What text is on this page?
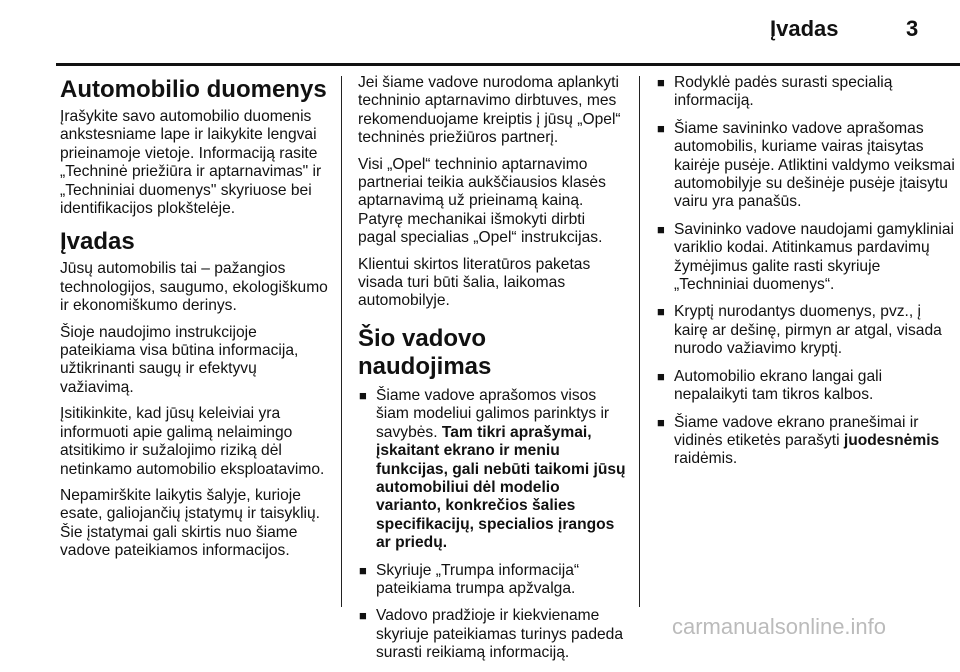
Įvadas	3
Automobilio duomenys

Įrašykite savo automobilio duomenis ankstesniame lape ir laikykite lengvai prieinamoje vietoje. Informaciją rasite „Techninė priežiūra ir aptarnavimas" ir „Techniniai duomenys" skyriuose bei identifikacijos plokštelėje.

Įvadas

Jūsų automobilis tai – pažangios technologijos, saugumo, ekologiškumo ir ekonomiškumo derinys.

Šioje naudojimo instrukcijoje pateikiama visa būtina informacija, užtikrinanti saugų ir efektyvų važiavimą.

Įsitikinkite, kad jūsų keleiviai yra informuoti apie galimą nelaimingo atsitikimo ir sužalojimo riziką dėl netinkamo automobilio eksploatavimo.

Nepamirškite laikytis šalyje, kurioje esate, galiojančių įstatymų ir taisyklių. Šie įstatymai gali skirtis nuo šiame vadove pateikiamos informacijos.

Jei šiame vadove nurodoma aplankyti techninio aptarnavimo dirbtuves, mes rekomenduojame kreiptis į jūsų „Opel“ techninės priežiūros partnerį.

Visi „Opel“ techninio aptarnavimo partneriai teikia aukščiausios klasės aptarnavimą už prieinamą kainą. Patyrę mechanikai išmokyti dirbti pagal specialias „Opel“ instrukcijas.

Klientui skirtos literatūros paketas visada turi būti šalia, laikomas automobilyje.

Šio vadovo naudojimas
■ Šiame vadove aprašomos visos šiam modeliui galimos parinktys ir savybės. Tam tikri aprašymai, įskaitant ekrano ir meniu funkcijas, gali nebūti taikomi jūsų automobiliui dėl modelio varianto, konkrečios šalies specifikacijų, specialios įrangos ar priedų.
■ Skyriuje „Trumpa informacija“ pateikiama trumpa apžvalga.
■ Vadovo pradžioje ir kiekviename skyriuje pateikiamas turinys padeda surasti reikiamą informaciją.
■ Rodyklė padės surasti specialią informaciją.
■ Šiame savininko vadove aprašomas automobilis, kuriame vairas įtaisytas kairėje pusėje. Atliktini valdymo veiksmai automobilyje su dešinėje pusėje įtaisytu vairu yra panašūs.
■ Savininko vadove naudojami gamykliniai variklio kodai. Atitinkamus pardavimų žymėjimus galite rasti skyriuje „Techniniai duomenys“.
■ Kryptį nurodantys duomenys, pvz., į kairę ar dešinę, pirmyn ar atgal, visada nurodo važiavimo kryptį.
■ Automobilio ekrano langai gali nepalaikyti tam tikros kalbos.
■ Šiame vadove ekrano pranešimai ir vidinės etiketės parašyti juodesnėmis raidėmis.
carmanualsonline.info
